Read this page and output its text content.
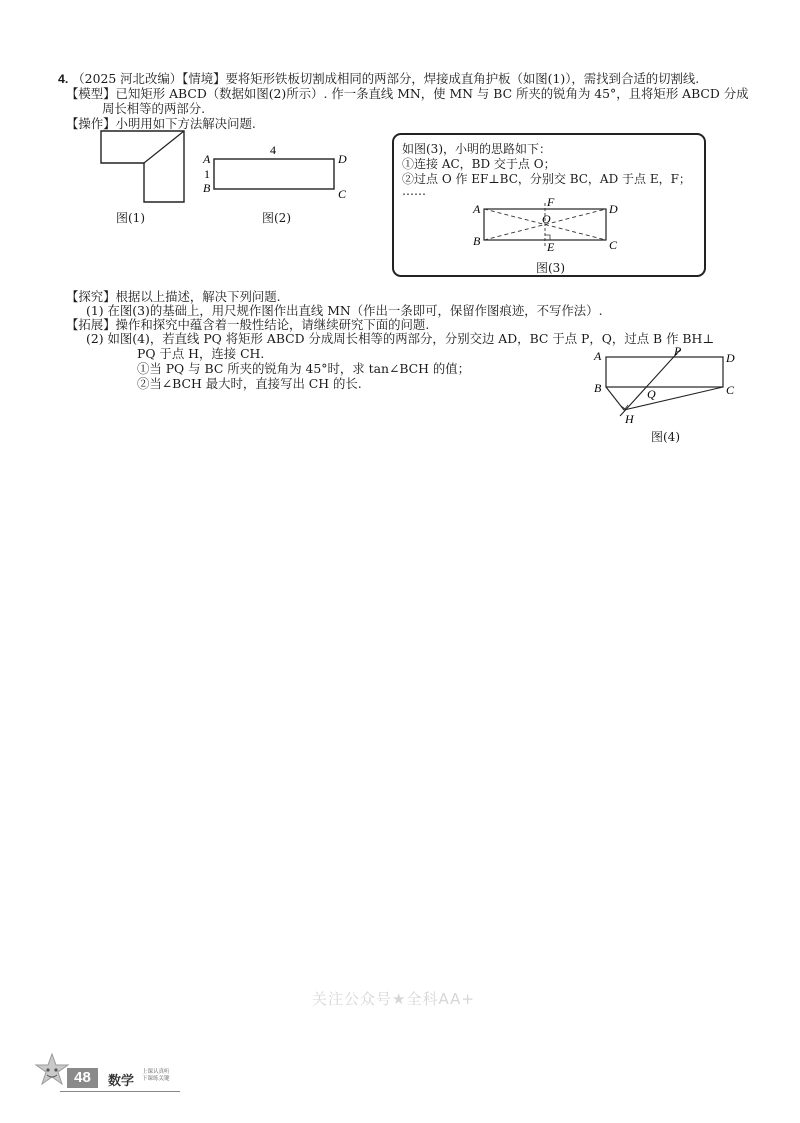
4. （2025 河北改编）【情境】要将矩形铁板切割成相同的两部分，焊接成直角护板（如图(1)），需找到合适的切割线.
【模型】已知矩形 ABCD（数据如图(2)所示）. 作一条直线 MN，使 MN 与 BC 所夹的锐角为 45°，且将矩形 ABCD 分成
周长相等的两部分.
【操作】小明用如下方法解决问题.
图(1)
A
B
D
C
4
1
图(2)
如图(3)，小明的思路如下：
①连接 AC，BD 交于点 O；
②过点 O 作 EF⊥BC，分别交 BC，AD 于点 E，F；
……
A
B
D
C
F
O
E
图(3)
【探究】根据以上描述，解决下列问题.
(1) 在图(3)的基础上，用尺规作图作出直线 MN（作出一条即可，保留作图痕迹，不写作法）.
【拓展】操作和探究中蕴含着一般性结论，请继续研究下面的问题.
(2) 如图(4)，若直线 PQ 将矩形 ABCD 分成周长相等的两部分，分别交边 AD，BC 于点 P，Q，过点 B 作 BH⊥
PQ 于点 H，连接 CH.
①当 PQ 与 BC 所夹的锐角为 45°时，求 tan∠BCH 的值；
②当∠BCH 最大时，直接写出 CH 的长.
A
B
D
C
P
Q
H
图(4)
关注公众号★全科AA+
48	数学
上课认真听
下课练关键
